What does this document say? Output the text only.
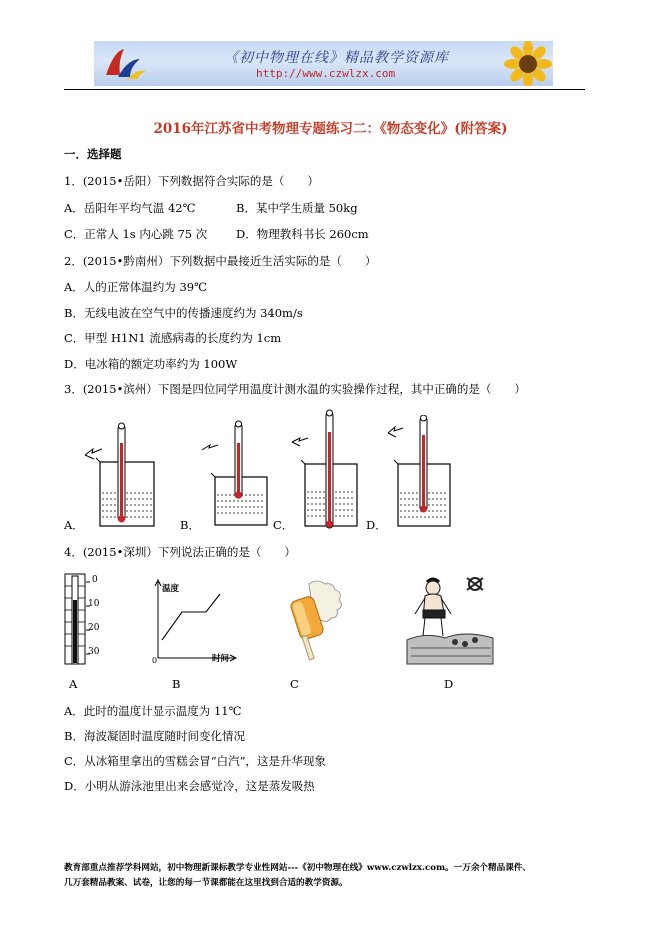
《初中物理在线》精品教学资源库
http://www.czwlzx.com
2016年江苏省中考物理专题练习二：《物态变化》(附答案)
一．选择题
1．(2015•岳阳）下列数据符合实际的是（　　）
A．岳阳年平均气温 42℃	B．某中学生质量 50kg
C．正常人 1s 内心跳 75 次 D．物理教科书长 260cm
2．(2015•黔南州）下列数据中最接近生活实际的是（　　）
A．人的正常体温约为 39℃
B．无线电波在空气中的传播速度约为 340m/s
C．甲型 H1N1 流感病毒的长度约为 1cm
D．电冰箱的额定功率约为 100W
3．(2015•滨州）下图是四位同学用温度计测水温的实验操作过程，其中正确的是（　　）
A．	B．	C．	D．
4．(2015•深圳）下列说法正确的是（　　）
0
10
20
30
温度
时间
0
A	B	C	D
A．此时的温度计显示温度为 11℃
B．海波凝固时温度随时间变化情况
C．从冰箱里拿出的雪糕会冒“白汽”，这是升华现象
D．小明从游泳池里出来会感觉冷，这是蒸发吸热
教育部重点推荐学科网站，初中物理新课标教学专业性网站---《初中物理在线》www.czwlzx.com。一万余个精品课件、
几万套精品教案、试卷，让您的每一节课都能在这里找到合适的教学资源。
